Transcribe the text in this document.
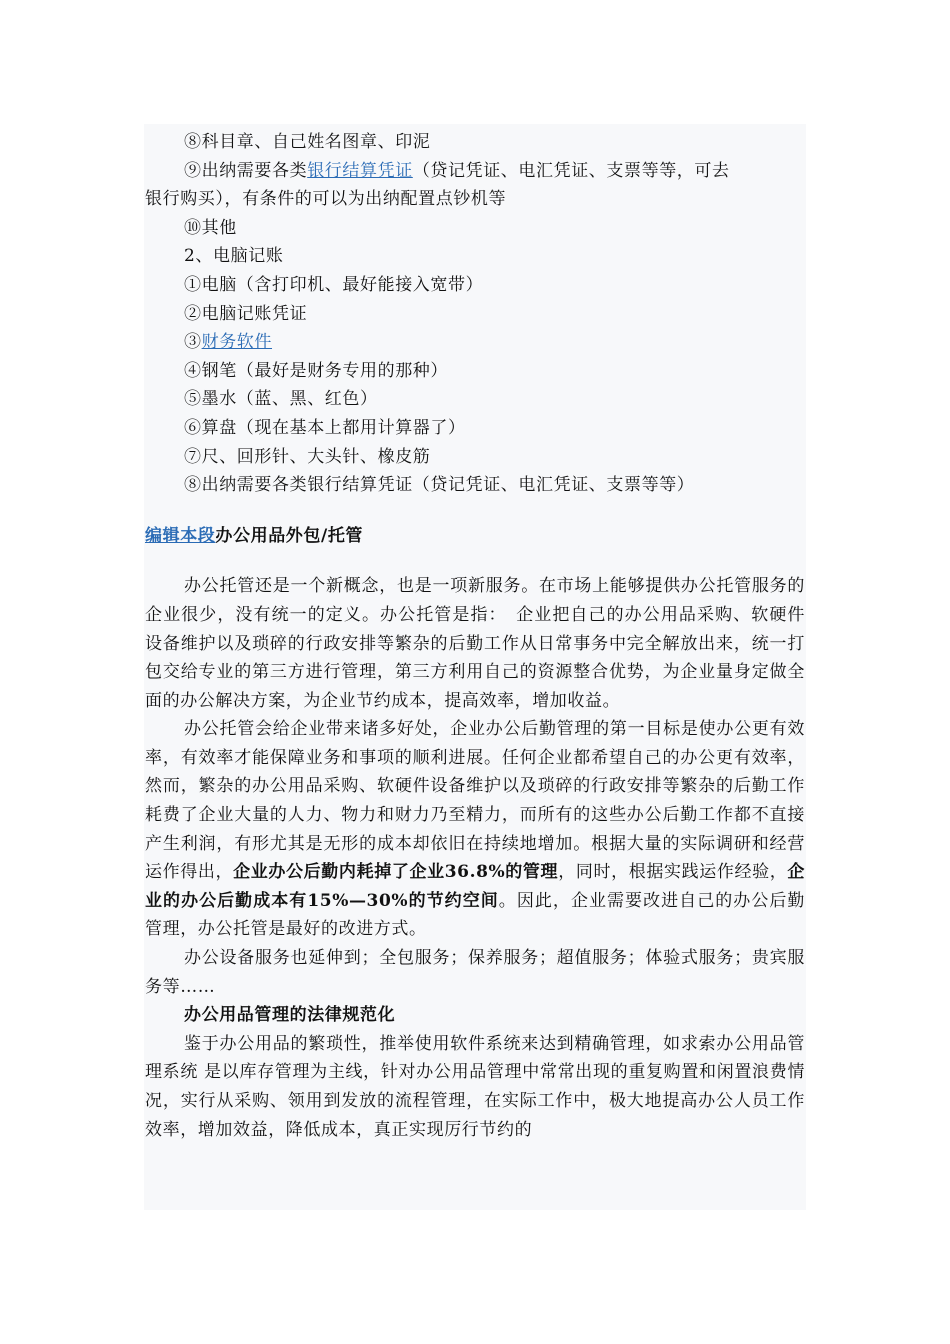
⑧科目章、自己姓名图章、印泥
⑨出纳需要各类银行结算凭证（贷记凭证、电汇凭证、支票等等，可去
银行购买），有条件的可以为出纳配置点钞机等
⑩其他
2、电脑记账
①电脑（含打印机、最好能接入宽带）
②电脑记账凭证
③财务软件
④钢笔（最好是财务专用的那种）
⑤墨水（蓝、黑、红色）
⑥算盘（现在基本上都用计算器了）
⑦尺、回形针、大头针、橡皮筋
⑧出纳需要各类银行结算凭证（贷记凭证、电汇凭证、支票等等）
编辑本段办公用品外包/托管
办公托管还是一个新概念，也是一项新服务。在市场上能够提供办公托管服务的企业很少，没有统一的定义。办公托管是指：　企业把自己的办公用品采购、软硬件设备维护以及琐碎的行政安排等繁杂的后勤工作从日常事务中完全解放出来，统一打包交给专业的第三方进行管理，第三方利用自己的资源整合优势，为企业量身定做全面的办公解决方案，为企业节约成本，提高效率，增加收益。
办公托管会给企业带来诸多好处，企业办公后勤管理的第一目标是使办公更有效率，有效率才能保障业务和事项的顺利进展。任何企业都希望自己的办公更有效率，然而，繁杂的办公用品采购、软硬件设备维护以及琐碎的行政安排等繁杂的后勤工作耗费了企业大量的人力、物力和财力乃至精力，而所有的这些办公后勤工作都不直接产生利润，有形尤其是无形的成本却依旧在持续地增加。根据大量的实际调研和经营运作得出，企业办公后勤内耗掉了企业36.8%的管理，同时，根据实践运作经验，企业的办公后勤成本有15%—30%的节约空间。因此，企业需要改进自己的办公后勤管理，办公托管是最好的改进方式。
办公设备服务也延伸到；全包服务；保养服务；超值服务；体验式服务；贵宾服务等……
办公用品管理的法律规范化
鉴于办公用品的繁琐性，推举使用软件系统来达到精确管理，如求索办公用品管理系统 是以库存管理为主线，针对办公用品管理中常常出现的重复购置和闲置浪费情况，实行从采购、领用到发放的流程管理，在实际工作中，极大地提高办公人员工作效率，增加效益，降低成本，真正实现厉行节约的
